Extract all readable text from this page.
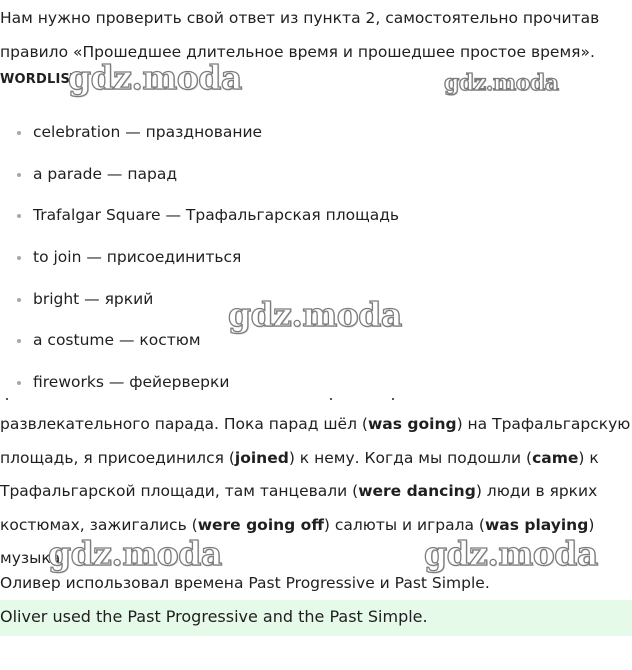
Нам нужно проверить свой ответ из пункта 2, самостоятельно прочитав
правило «Прошедшее длительное время и прошедшее простое время».
WORDLIST
celebration — празднование
a parade — парад
Trafalgar Square — Трафальгарская площадь
to join — присоединиться
bright — яркий
a costume — костюм
fireworks — фейерверки
развлекательного парада. Пока парад шёл (was going) на Трафальгарскую площадь, я присоединился (joined) к нему. Когда мы подошли (came) к Трафальгарской площади, там танцевали (were dancing) люди в ярких костюмах, зажигались (were going off) салюты и играла (was playing) музыка.
Оливер использовал времена Past Progressive и Past Simple.
Oliver used the Past Progressive and the Past Simple.
gdz.moda	gdz.moda
gdz.moda
gdz.moda	gdz.moda
